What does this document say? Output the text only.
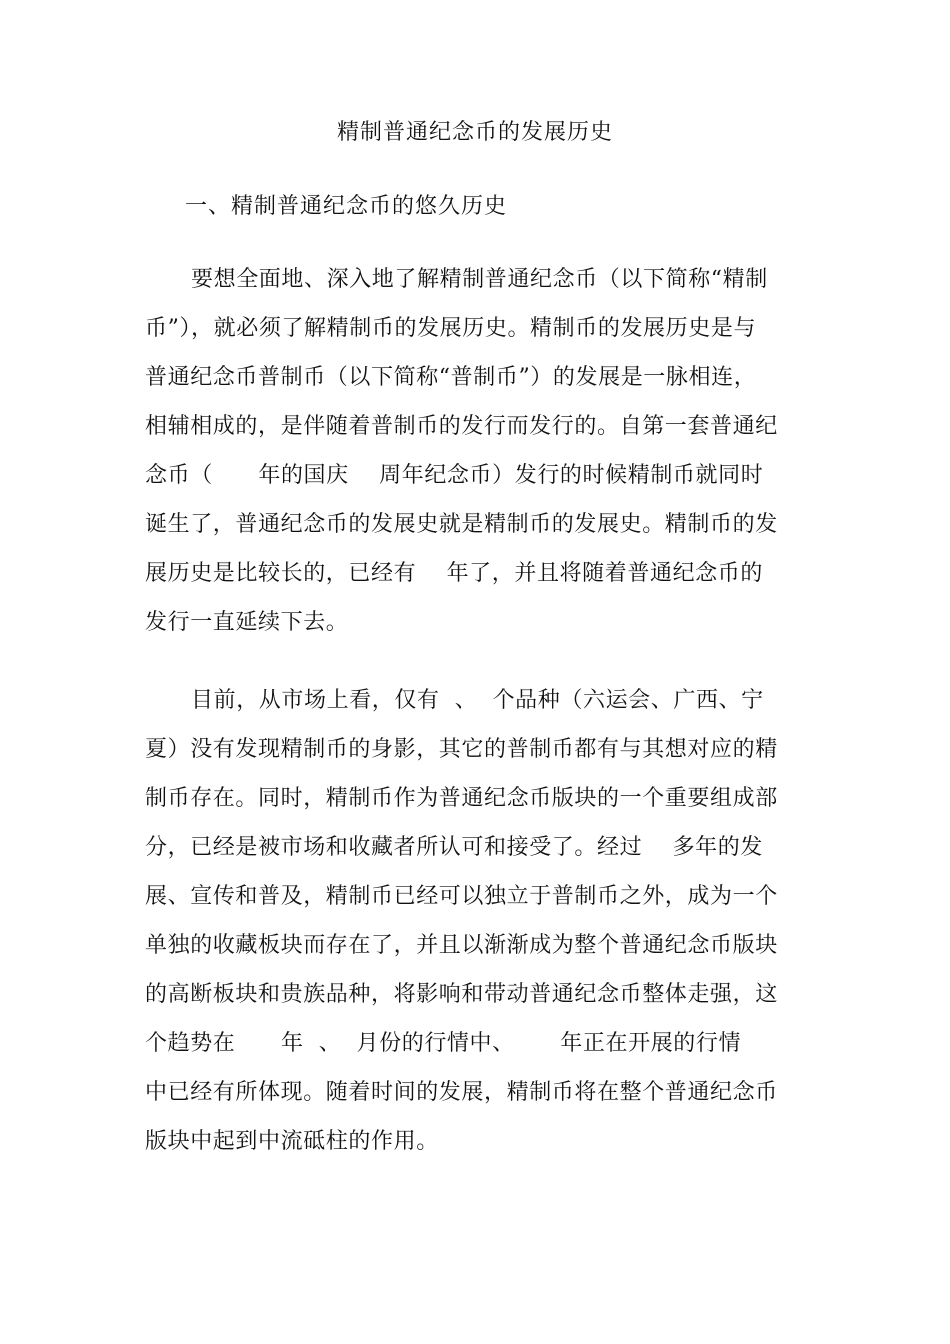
精制普通纪念币的发展历史
一、精制普通纪念币的悠久历史
要想全面地、深入地了解精制普通纪念币（以下简称“精制
币”），就必须了解精制币的发展历史。精制币的发展历史是与
普通纪念币普制币（以下简称“普制币”）的发展是一脉相连，
相辅相成的，是伴随着普制币的发行而发行的。自第一套普通纪
念币（      年的国庆    周年纪念币）发行的时候精制币就同时
诞生了，普通纪念币的发展史就是精制币的发展史。精制币的发
展历史是比较长的，已经有    年了，并且将随着普通纪念币的
发行一直延续下去。
目前，从市场上看，仅有  、  个品种（六运会、广西、宁
夏）没有发现精制币的身影，其它的普制币都有与其想对应的精
制币存在。同时，精制币作为普通纪念币版块的一个重要组成部
分，已经是被市场和收藏者所认可和接受了。经过    多年的发
展、宣传和普及，精制币已经可以独立于普制币之外，成为一个
单独的收藏板块而存在了，并且以渐渐成为整个普通纪念币版块
的高断板块和贵族品种，将影响和带动普通纪念币整体走强，这
个趋势在      年  、  月份的行情中、      年正在开展的行情
中已经有所体现。随着时间的发展，精制币将在整个普通纪念币
版块中起到中流砥柱的作用。
